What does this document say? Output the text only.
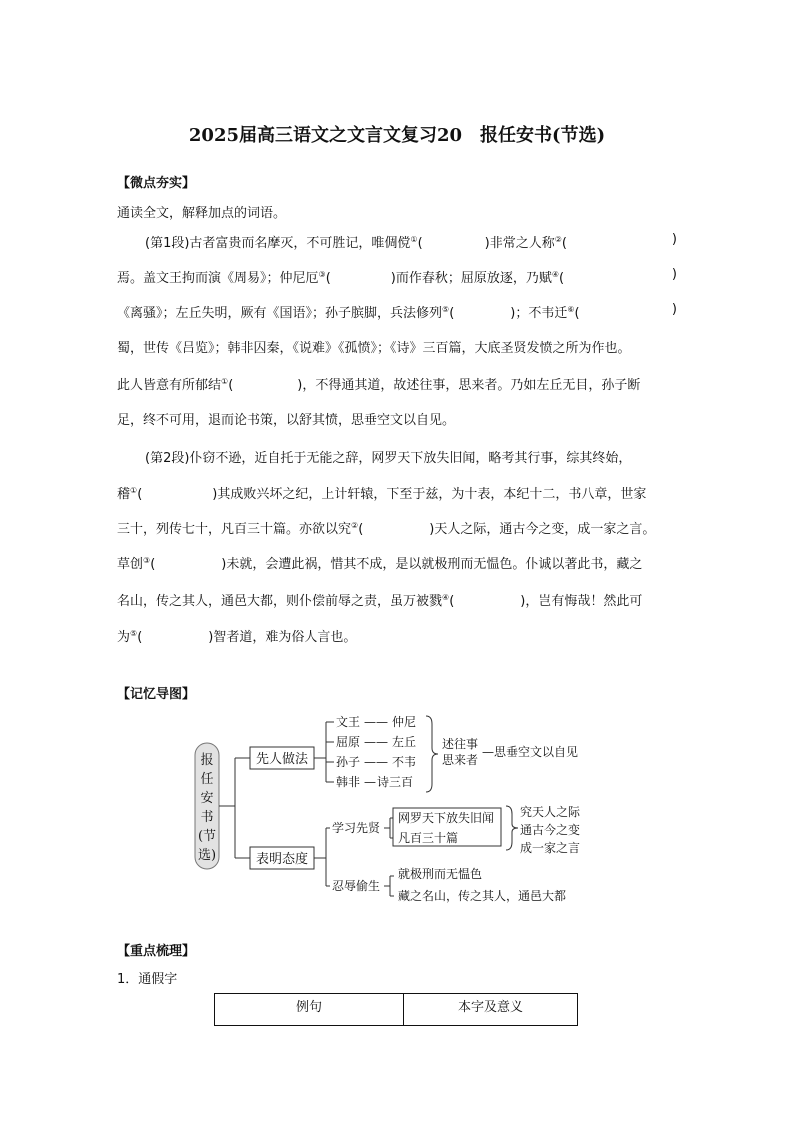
2025届高三语文之文言文复习20　报任安书(节选)
【微点夯实】
通读全文，解释加点的词语。
(第1段)古者富贵而名摩灭，不可胜记，唯倜傥①(	)非常之人称②(	)
焉。盖文王拘而演《周易》；仲尼厄③(	)而作春秋；屈原放逐，乃赋④(	)
《离骚》；左丘失明，厥有《国语》；孙子膑脚，兵法修列⑤(	)；不韦迁⑥(	)
蜀，世传《吕览》；韩非囚秦，《说难》《孤愤》；《诗》三百篇，大底圣贤发愤之所为作也。
此人皆意有所郁结①(	)，不得通其道，故述往事，思来者。乃如左丘无目，孙子断
足，终不可用，退而论书策，以舒其愤，思垂空文以自见。
(第2段)仆窃不逊，近自托于无能之辞，网罗天下放失旧闻，略考其行事，综其终始，
稽①(	)其成败兴坏之纪，上计轩辕，下至于兹，为十表，本纪十二，书八章，世家
三十，列传七十，凡百三十篇。亦欲以究②(	)天人之际，通古今之变，成一家之言。
草创③(	)未就，会遭此祸，惜其不成，是以就极刑而无愠色。仆诚以著此书，藏之
名山，传之其人，通邑大都，则仆偿前辱之责，虽万被戮④(	)，岂有悔哉！然此可
为⑤(	)智者道，难为俗人言也。
【记忆导图】
报
任
安
书
(节
选)
先人做法
文王 —— 仲尼
屈原 —— 左丘
孙子 —— 不韦
韩非 — 诗三百
述往事
思来者
—思垂空文以自见
表明态度
学习先贤
网罗天下放失旧闻
凡百三十篇
究天人之际
通古今之变
成一家之言
忍辱偷生
就极刑而无愠色
藏之名山，传之其人，通邑大都
【重点梳理】
1．通假字
例句	本字及意义
